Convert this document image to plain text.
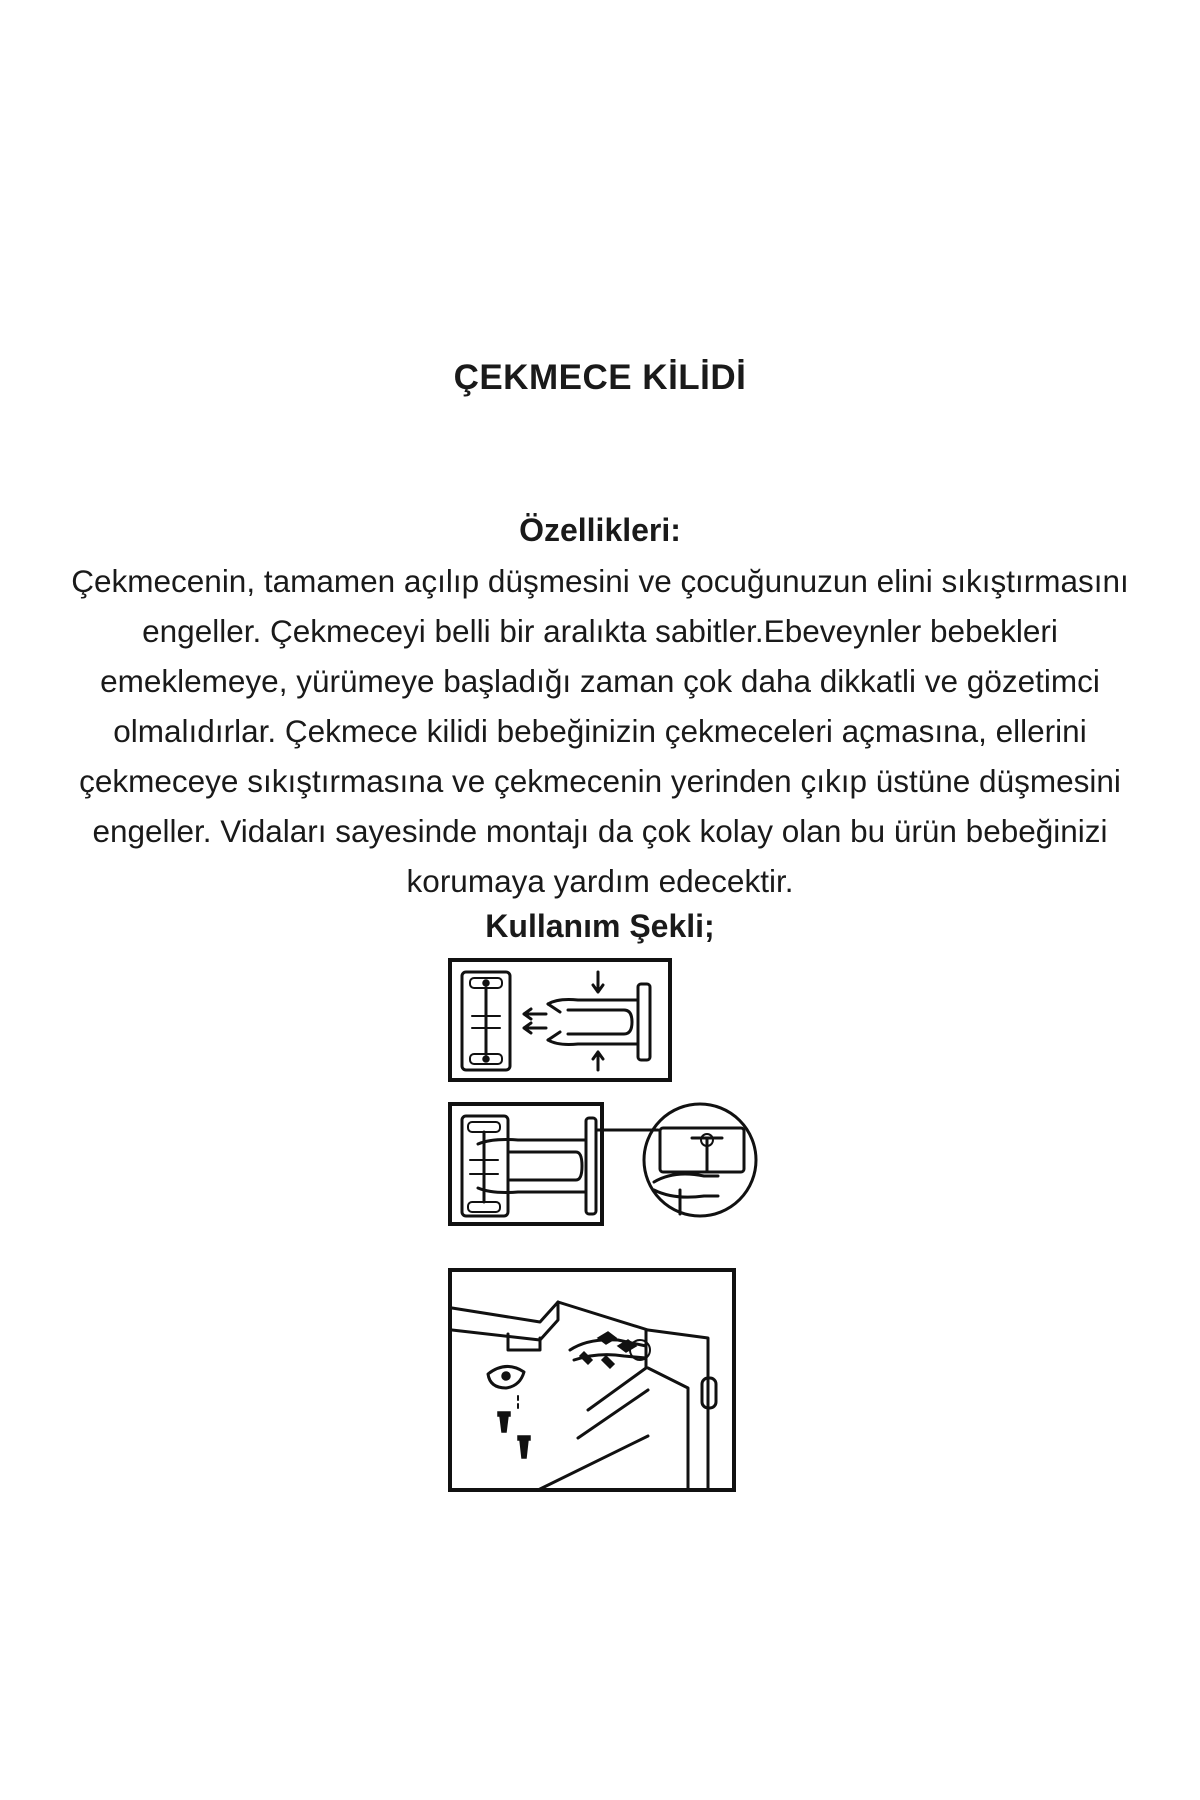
ÇEKMECE KİLİDİ
Özellikleri:
Çekmecenin, tamamen açılıp düşmesini ve çocuğunuzun elini sıkıştırmasını
engeller. Çekmeceyi belli bir aralıkta sabitler.Ebeveynler bebekleri
emeklemeye, yürümeye başladığı zaman çok daha dikkatli ve gözetimci
olmalıdırlar. Çekmece kilidi bebeğinizin çekmeceleri açmasına, ellerini
çekmeceye sıkıştırmasına ve çekmecenin yerinden çıkıp üstüne düşmesini
engeller. Vidaları sayesinde montajı da çok kolay olan bu ürün bebeğinizi
korumaya yardım edecektir.
Kullanım Şekli;
